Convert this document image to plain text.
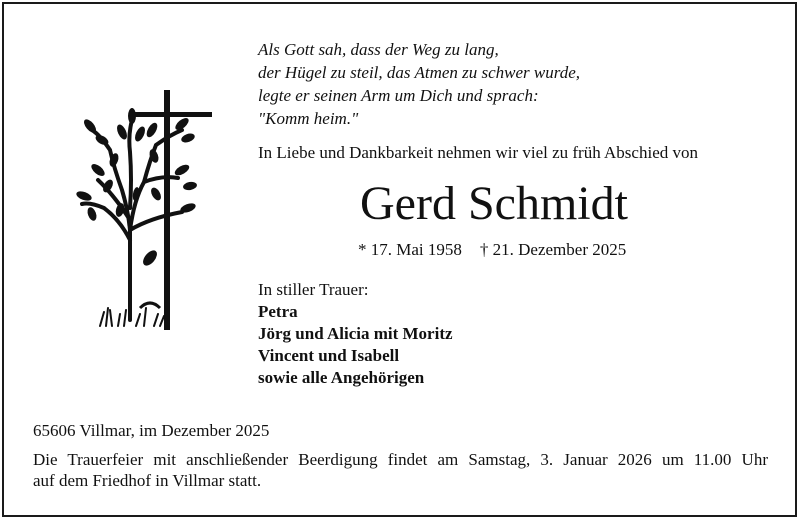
Als Gott sah, dass der Weg zu lang,
der Hügel zu steil, das Atmen zu schwer wurde,
legte er seinen Arm um Dich und sprach:
"Komm heim."
In Liebe und Dankbarkeit nehmen wir viel zu früh Abschied von
Gerd Schmidt
* 17. Mai 1958 † 21. Dezember 2025
In stiller Trauer:
Petra
Jörg und Alicia mit Moritz
Vincent und Isabell
sowie alle Angehörigen
65606 Villmar, im Dezember 2025
Die Trauerfeier mit anschließender Beerdigung findet am Samstag, 3. Januar 2026 um 11.00 Uhr
auf dem Friedhof in Villmar statt.
